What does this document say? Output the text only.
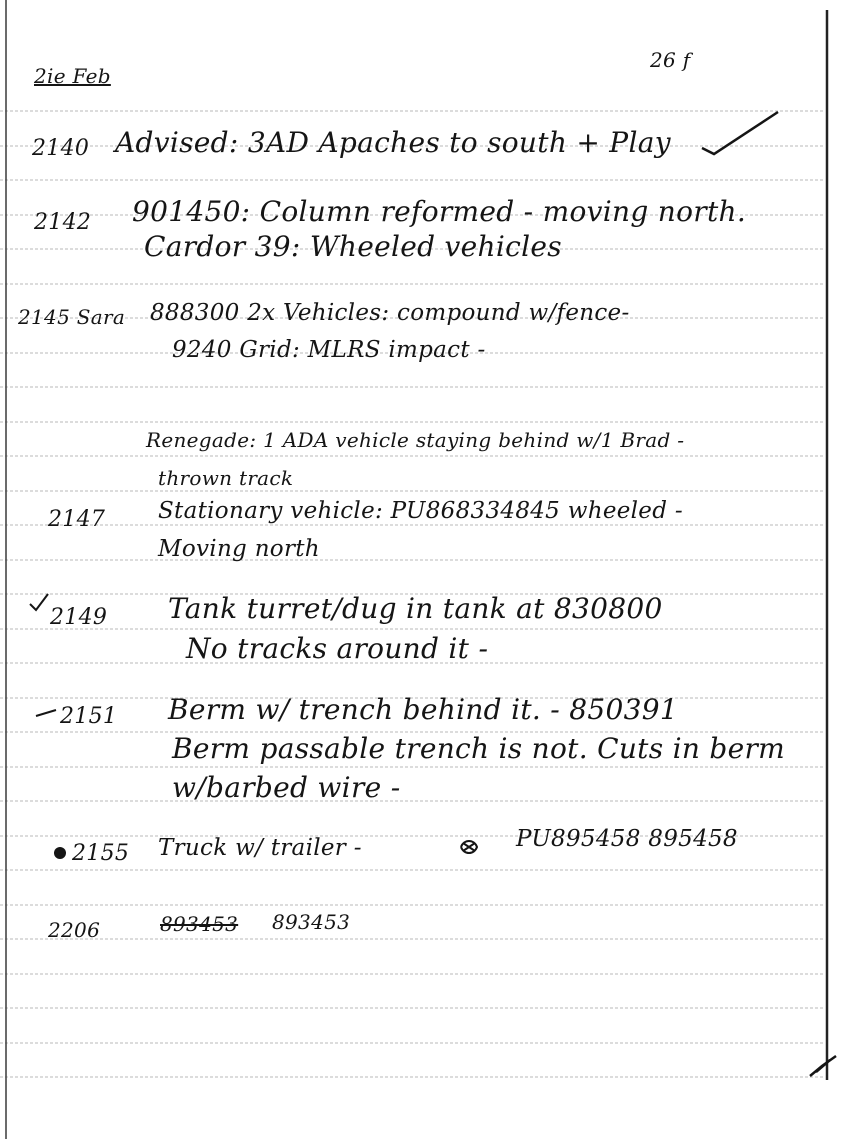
2ie Feb
26 f
2140 Advised: 3AD Apaches to south + Play
2142 901450: Column reformed - moving north.
Cardor 39: Wheeled vehicles
2145 Sara 888300 2x Vehicles: compound w/fence-
9240 Grid: MLRS impact -
Renegade: 1 ADA vehicle staying behind w/1 Brad -
thrown track
2147 Stationary vehicle: PU868334845 wheeled -
Moving north
2149 Tank turret/dug in tank at 830800
No tracks around it -
2151 Berm w/ trench behind it. - 850391
Berm passable trench is not. Cuts in berm
w/barbed wire -
2155 Truck w/ trailer -	PU895458 895458
2206	893453 893453
